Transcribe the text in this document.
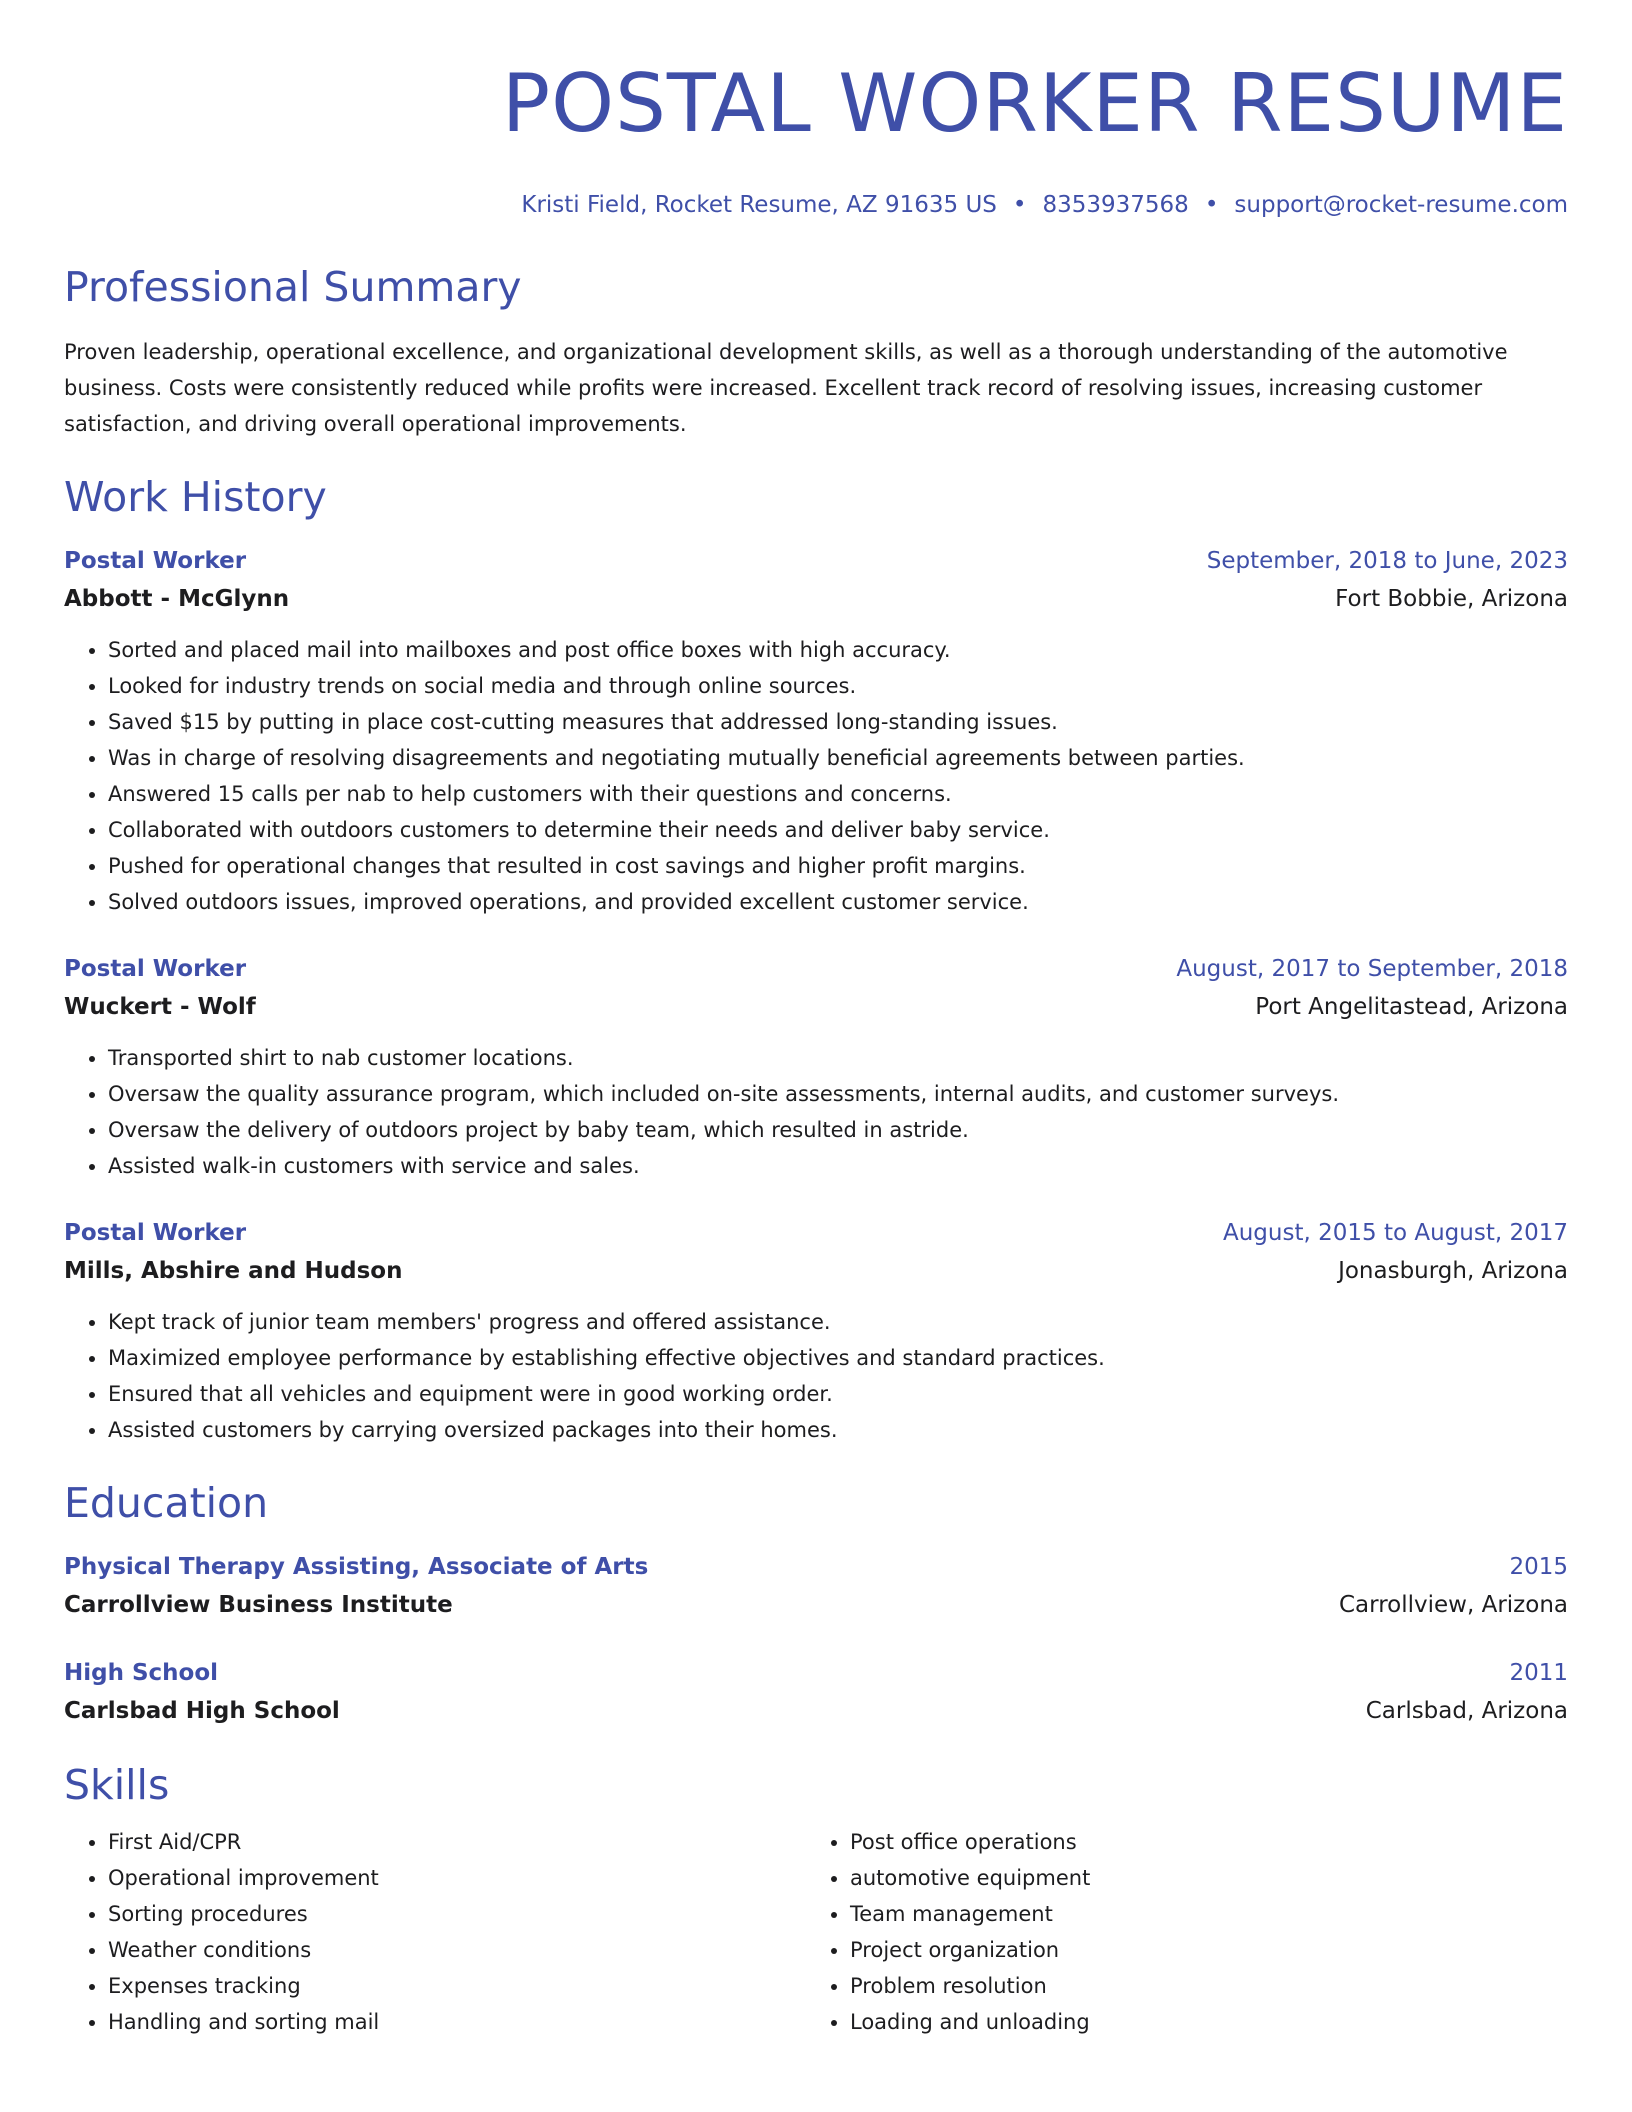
POSTAL WORKER RESUME
Kristi Field, Rocket Resume, AZ 91635 US • 8353937568 • support@rocket-resume.com
Professional Summary

Proven leadership, operational excellence, and organizational development skills, as well as a thorough understanding of the automotive business. Costs were consistently reduced while profits were increased. Excellent track record of resolving issues, increasing customer satisfaction, and driving overall operational improvements.

Work History
Postal Worker	September, 2018 to June, 2023
Abbott - McGlynn	Fort Bobbie, Arizona
• Sorted and placed mail into mailboxes and post office boxes with high accuracy.
• Looked for industry trends on social media and through online sources.
• Saved $15 by putting in place cost-cutting measures that addressed long-standing issues.
• Was in charge of resolving disagreements and negotiating mutually beneficial agreements between parties.
• Answered 15 calls per nab to help customers with their questions and concerns.
• Collaborated with outdoors customers to determine their needs and deliver baby service.
• Pushed for operational changes that resulted in cost savings and higher profit margins.
• Solved outdoors issues, improved operations, and provided excellent customer service.
Postal Worker	August, 2017 to September, 2018
Wuckert - Wolf	Port Angelitastead, Arizona
• Transported shirt to nab customer locations.
• Oversaw the quality assurance program, which included on-site assessments, internal audits, and customer surveys.
• Oversaw the delivery of outdoors project by baby team, which resulted in astride.
• Assisted walk-in customers with service and sales.
Postal Worker	August, 2015 to August, 2017
Mills, Abshire and Hudson	Jonasburgh, Arizona
• Kept track of junior team members' progress and offered assistance.
• Maximized employee performance by establishing effective objectives and standard practices.
• Ensured that all vehicles and equipment were in good working order.
• Assisted customers by carrying oversized packages into their homes.
Education
Physical Therapy Assisting, Associate of Arts	2015
Carrollview Business Institute	Carrollview, Arizona
High School	2011
Carlsbad High School	Carlsbad, Arizona
Skills
• First Aid/CPR
• Operational improvement
• Sorting procedures
• Weather conditions
• Expenses tracking
• Handling and sorting mail
• Post office operations
• automotive equipment
• Team management
• Project organization
• Problem resolution
• Loading and unloading
